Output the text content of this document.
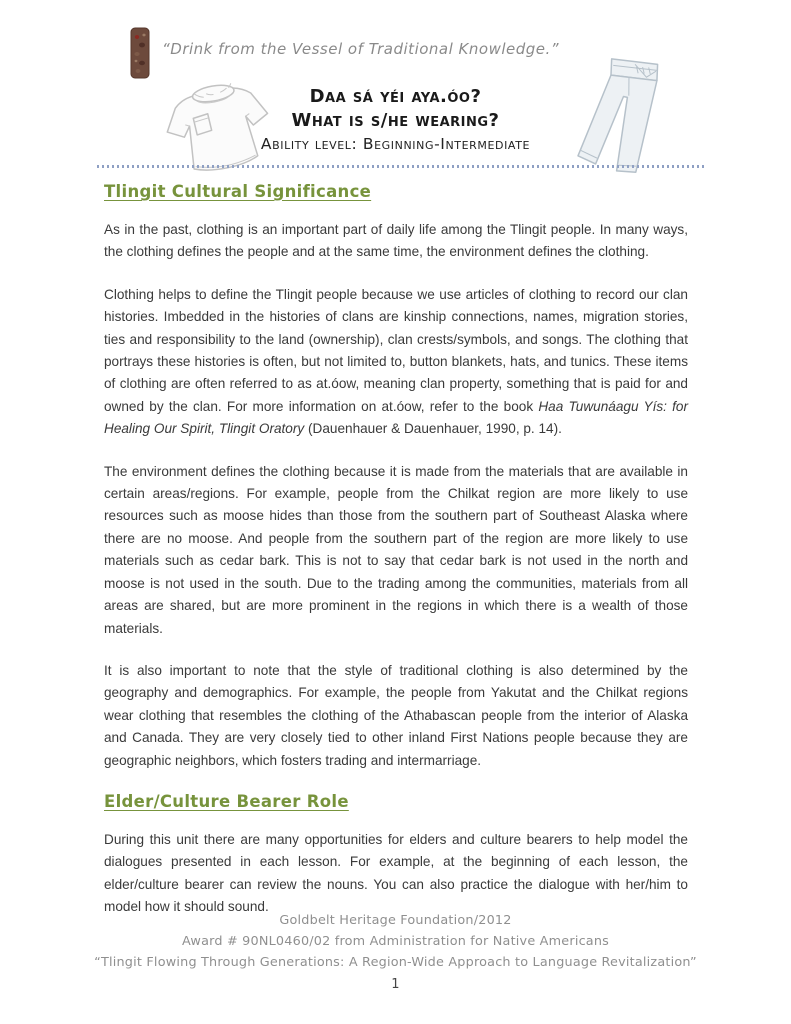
“Drink from the Vessel of Traditional Knowledge.”
Daa sá yéi aya.óo?
What is s/he wearing?
Ability level: Beginning-Intermediate
Tlingit Cultural Significance

As in the past, clothing is an important part of daily life among the Tlingit people. In many ways, the clothing defines the people and at the same time, the environment defines the clothing.

Clothing helps to define the Tlingit people because we use articles of clothing to record our clan histories. Imbedded in the histories of clans are kinship connections, names, migration stories, ties and responsibility to the land (ownership), clan crests/symbols, and songs. The clothing that portrays these histories is often, but not limited to, button blankets, hats, and tunics. These items of clothing are often referred to as at.óow, meaning clan property, something that is paid for and owned by the clan. For more information on at.óow, refer to the book Haa Tuwunáagu Yís: for Healing Our Spirit, Tlingit Oratory (Dauenhauer & Dauenhauer, 1990, p. 14).

The environment defines the clothing because it is made from the materials that are available in certain areas/regions. For example, people from the Chilkat region are more likely to use resources such as moose hides than those from the southern part of Southeast Alaska where there are no moose. And people from the southern part of the region are more likely to use materials such as cedar bark. This is not to say that cedar bark is not used in the north and moose is not used in the south. Due to the trading among the communities, materials from all areas are shared, but are more prominent in the regions in which there is a wealth of those materials.

It is also important to note that the style of traditional clothing is also determined by the geography and demographics. For example, the people from Yakutat and the Chilkat regions wear clothing that resembles the clothing of the Athabascan people from the interior of Alaska and Canada. They are very closely tied to other inland First Nations people because they are geographic neighbors, which fosters trading and intermarriage.

Elder/Culture Bearer Role

During this unit there are many opportunities for elders and culture bearers to help model the dialogues presented in each lesson. For example, at the beginning of each lesson, the elder/culture bearer can review the nouns. You can also practice the dialogue with her/him to model how it should sound.

Goldbelt Heritage Foundation/2012
Award # 90NL0460/02 from Administration for Native Americans
“Tlingit Flowing Through Generations: A Region-Wide Approach to Language Revitalization”
1
